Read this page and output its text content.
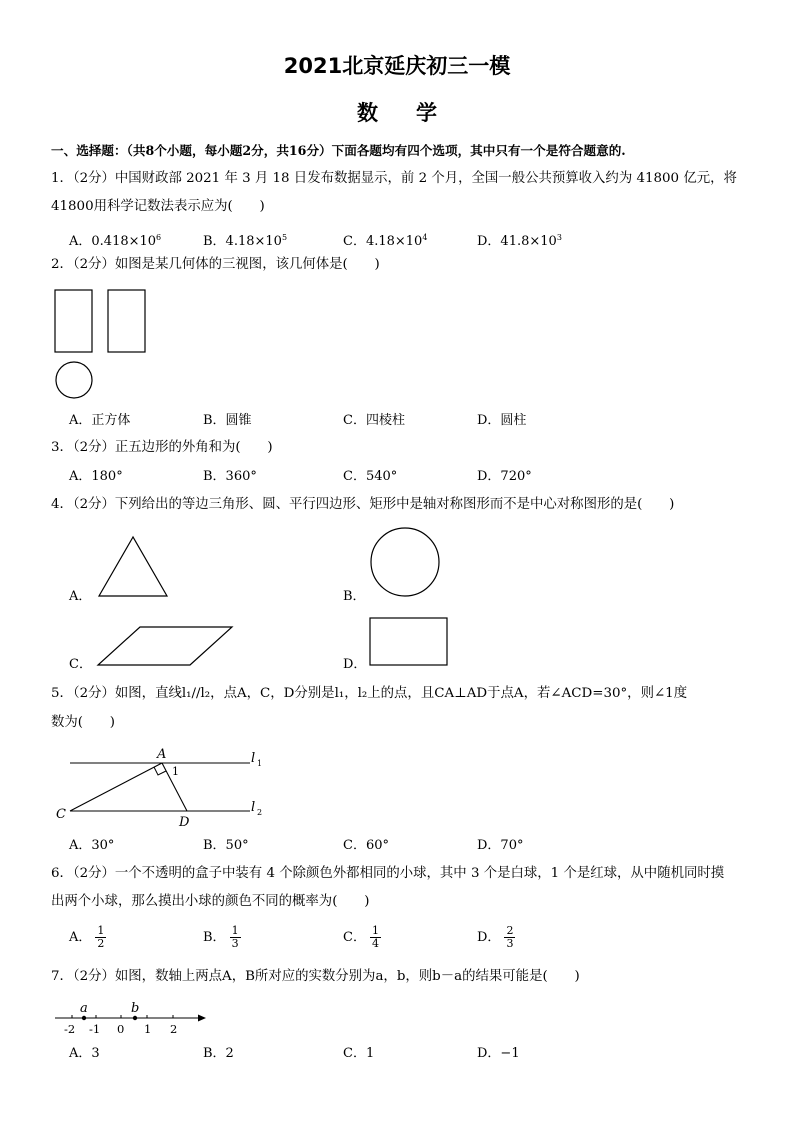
2021北京延庆初三一模
数学
一、选择题：（共8个小题，每小题2分，共16分）下面各题均有四个选项，其中只有一个是符合题意的.
1．（2分）中国财政部 2021 年 3 月 18 日发布数据显示，前 2 个月，全国一般公共预算收入约为 41800 亿元，将
41800用科学记数法表示应为(　　)
A．$0.418\times 10^6$	B．$4.18\times 10^5$	C．$4.18\times 10^4$	D．$41.8\times 10^3$
2．（2分）如图是某几何体的三视图，该几何体是(　　)
A．正方体	B．圆锥	C．四棱柱	D．圆柱
3．（2分）正五边形的外角和为(　　)
A．180°	B．360°	C．540°	D．720°
4．（2分）下列给出的等边三角形、圆、平行四边形、矩形中是轴对称图形而不是中心对称图形的是(　　)
A．	B．
C．	D．
5．（2分）如图，直线l₁//l₂，点A，C，D分别是l₁，l₂上的点，且CA⊥AD于点A，若∠ACD=30°，则∠1度
数为(　　)
A
C
D
1
l 1
l 2
A．30°	B．50°	C．60°	D．70°
6．（2分）一个不透明的盒子中装有 4 个除颜色外都相同的小球，其中 3 个是白球，1 个是红球，从中随机同时摸
出两个小球，那么摸出小球的颜色不同的概率为(　　)
A． $\frac{1}{2}$	B． $\frac{1}{3}$	C． $\frac{1}{4}$	D． $\frac{2}{3}$
7．（2分）如图，数轴上两点A，B所对应的实数分别为a，b，则b－a的结果可能是(　　)
a	b
-2 -1 0 1 2
A．3	B．2	C．1	D．−1
